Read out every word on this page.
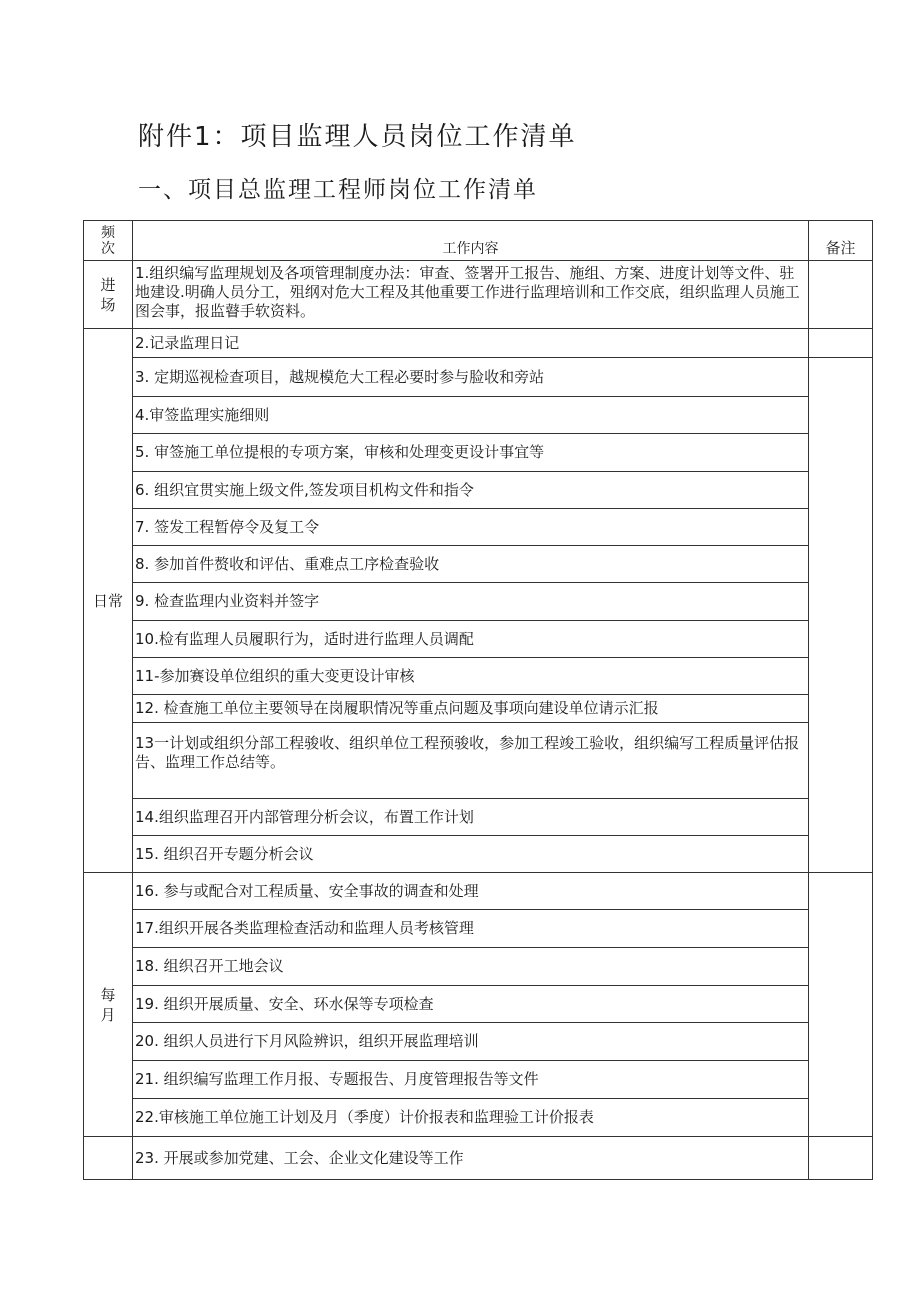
附件1：项目监理人员岗位工作清单
一、项目总监理工程师岗位工作清单
频次	工作内容	备注

进场	1.组织编写监理规划及各项管理制度办法：审查、签署开工报告、施组、方案、进度计划等文件、驻地建设.明确人员分工，殂纲对危大工程及其他重要工作进行监理培训和工作交底，组织监理人员施工图会事，报监瞽手软资料。	
日常	2.记录监理日记	
	3. 定期巡视检查项目，越规模危大工程必要时参与脸收和旁站	
	4.审签监理实施细则	
	5. 审签施工单位提根的专项方案，审核和处理变更设计事宜等	
	6. 组织宜贯实施上级文件,签发项目机构文件和指令	
	7. 签发工程暂停令及复工令	
	8. 参加首件赘收和评估、重难点工序检查验收	
	9. 检查监理内业资料并签字	
	10.检有监理人员履职行为，适时进行监理人员调配	
	11-参加赛设单位组织的重大变更设计审核	
	12. 检查施工单位主要领导在岗履职情况等重点问题及事项向建设单位请示汇报	
	13一计划或组织分部工程骏收、组织单位工程预骏收，参加工程竣工验收，组织编写工程质量评估报告、监理工作总结等。	
	14.组织监理召开内部管理分析会议，布置工作计划	
	15. 组织召开专题分析会议	

每月	16. 参与或配合对工程质量、安全事故的调查和处理	
	17.组织开展各类监理检查活动和监理人员考核管理	
	18. 组织召开工地会议	
	19. 组织开展质量、安全、环水保等专项检查	
	20. 组织人员进行下月风险辨识，组织开展监理培训	
	21. 组织编写监理工作月报、专题报告、月度管理报告等文件	
	22.审核施工单位施工计划及月（季度）计价报表和监理验工计价报表	
	23. 开展或参加党建、工会、企业文化建设等工作	
